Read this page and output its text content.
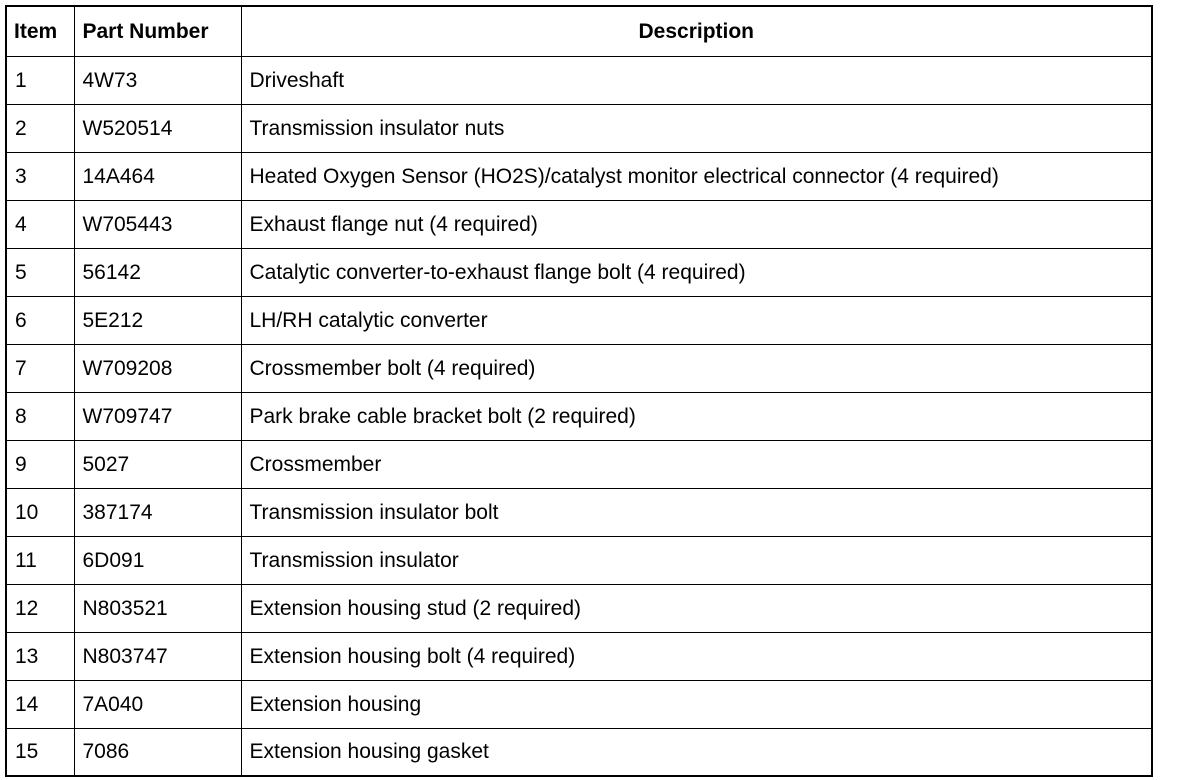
Item	Part Number	Description
1	4W73	Driveshaft
2	W520514	Transmission insulator nuts
3	14A464	Heated Oxygen Sensor (HO2S)/catalyst monitor electrical connector (4 required)
4	W705443	Exhaust flange nut (4 required)
5	56142	Catalytic converter-to-exhaust flange bolt (4 required)
6	5E212	LH/RH catalytic converter
7	W709208	Crossmember bolt (4 required)
8	W709747	Park brake cable bracket bolt (2 required)
9	5027	Crossmember
10	387174	Transmission insulator bolt
11	6D091	Transmission insulator
12	N803521	Extension housing stud (2 required)
13	N803747	Extension housing bolt (4 required)
14	7A040	Extension housing
15	7086	Extension housing gasket
